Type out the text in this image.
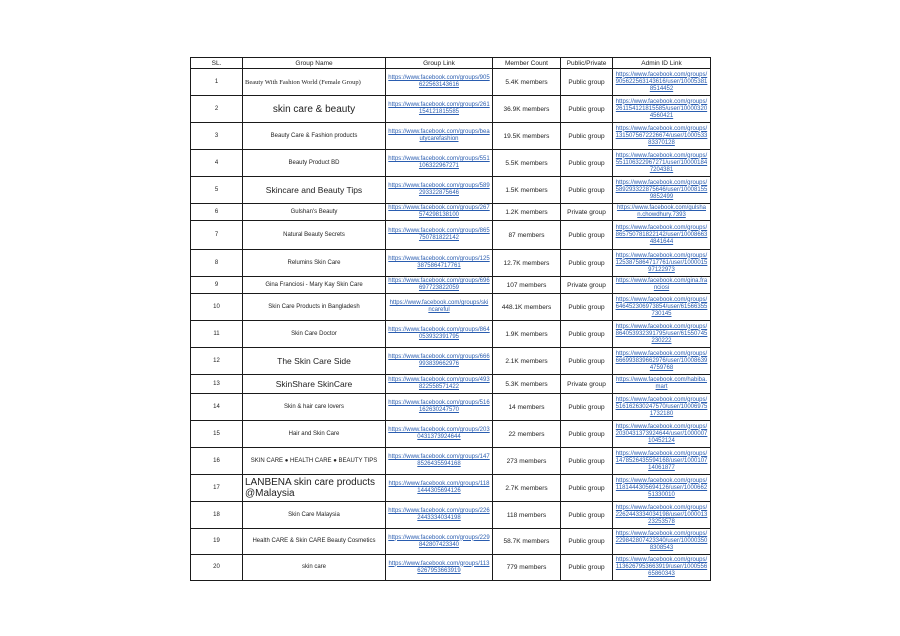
SL.	Group Name	Group Link	Member Count	Public/Private	Admin ID Link
1	Beauty With Fashion World (Female Group)	https://www.facebook.com/groups/905622563143616	5.4K members	Public group	https://www.facebook.com/groups/905622563143616/user/100053818514452
2	skin care & beauty	https://www.facebook.com/groups/261154121815585	36.9K members	Public group	https://www.facebook.com/groups/261154121815585/user/100003204560421
3	Beauty Care & Fashion products	https://www.facebook.com/groups/beautycarefashion	19.5K members	Public group	https://www.facebook.com/groups/1315075672226674/user/100053383370128
4	Beauty Product BD	https://www.facebook.com/groups/551106322967271	5.5K members	Public group	https://www.facebook.com/groups/551106322967271/user/100001847204381
5	Skincare and Beauty Tips	https://www.facebook.com/groups/589293322875646	1.5K members	Public group	https://www.facebook.com/groups/589293322875646/user/100081559852499
6	Gulshan's Beauty	https://www.facebook.com/groups/267574298138100	1.2K members	Private group	https://www.facebook.com/gulshan.chowdhury.7393
7	Natural Beauty Secrets	https://www.facebook.com/groups/865750781822142	87 members	Public group	https://www.facebook.com/groups/865750781822142/user/100086634841644
8	Relumins Skin Care	https://www.facebook.com/groups/1253875864717761	12.7K members	Public group	https://www.facebook.com/groups/1253875864717761/user/100001597122973
9	Gina Franciosi - Mary Kay Skin Care	https://www.facebook.com/groups/696697723822059	107 members	Private group	https://www.facebook.com/gina.franciosi
10	Skin Care Products in Bangladesh	https://www.facebook.com/groups/skincareful	448.1K members	Public group	https://www.facebook.com/groups/646452306973854/user/61566355730145
11	Skin Care Doctor	https://www.facebook.com/groups/864053932391795	1.9K members	Public group	https://www.facebook.com/groups/864053932391795/user/61550745230222
12	The Skin Care Side	https://www.facebook.com/groups/666993839662976	2.1K members	Public group	https://www.facebook.com/groups/666993839662976/user/100086394759768
13	SkinShare SkinCare	https://www.facebook.com/groups/493822558571422	5.3K members	Private group	https://www.facebook.com/habiba.mart
14	Skin & hair care lovers	https://www.facebook.com/groups/516162630247570	14 members	Public group	https://www.facebook.com/groups/516162630247570/user/100069751732180
15	Hair and Skin Care	https://www.facebook.com/groups/2030431373924644	22 members	Public group	https://www.facebook.com/groups/2030431373924644/user/100000710452124
16	SKIN CARE ● HEALTH CARE ● BEAUTY TIPS	https://www.facebook.com/groups/1478526435594168	273 members	Public group	https://www.facebook.com/groups/1478526435594168/user/100010714061877
17	LANBENA skin care products @Malaysia	https://www.facebook.com/groups/1181444305694126	2.7K members	Public group	https://www.facebook.com/groups/1181444305694126/user/100066251330010
18	Skin Care Malaysia	https://www.facebook.com/groups/2262443334034198	118 members	Public group	https://www.facebook.com/groups/2262443334034198/user/100001323253578
19	Health CARE & Skin CARE Beauty Cosmetics	https://www.facebook.com/groups/229842807423340	58.7K members	Public group	https://www.facebook.com/groups/229842807423340/user/100003508308543
20	skin care	https://www.facebook.com/groups/1136267953663919	779 members	Public group	https://www.facebook.com/groups/1136267953663919/user/100055665860343
